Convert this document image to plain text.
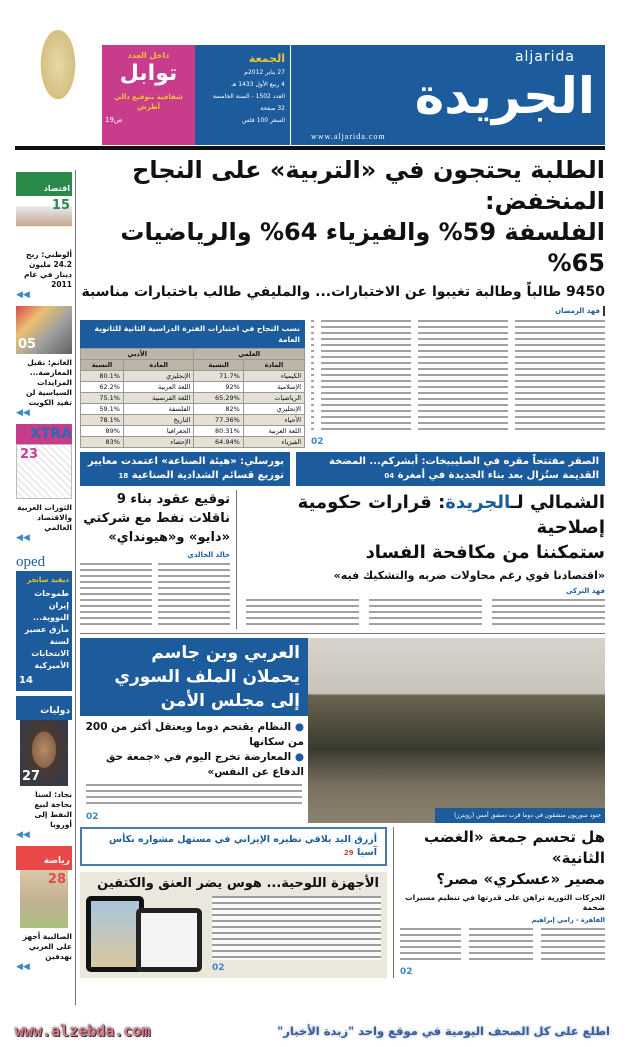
داخل العدد
توابل
شفافية بتوقيع دالي أطرش
ص19
الجمعة
27 يناير 2012م
4 ربيع الأول 1433 هـ
العدد 1502 - السنة الخامسة
32 صفحة
السعر 100 فلس
aljarida
الجريدة
www.aljarida.com
اقتصاد
15
ألوطني: ربح 24.2 مليون دينار في عام 2011
◀◀
05
الغانم: نقبل المعارضة... المزايدات السياسية لن تفيد الكويت
◀◀
XTRA
23
الثورات العربية والاقتصاد العالمي
◀◀
oped
ديفيد سانجر
طموحات إيران النووية... مأزق عسير لسنة الانتخابات الأميركية
14
دوليات
27
نجاد: لسنا بحاجة لبيع النفط إلى أوروبا
◀◀
رياضة
28
الصالبية أجهز على العربي بهدفين
◀◀
الطلبة يحتجون في «التربية» على النجاح المنخفض:
الفلسفة 59% والفيزياء 64% والرياضيات 65%
9450 طالباً وطالبة تغيبوا عن الاختبارات... والمليفي طالب باختبارات مناسبة
فهد الرمضان
02
نسب النجاح في اختبارات الفترة الدراسية الثانية للثانوية العامة
العلمي		الأدبي	
المادة	النسبة	المادة	النسبة
الكيمياء	71.7%	الإنجليزي	80.1%
الإسلامية	92%	اللغة العربية	62.2%
الرياضيات	65.29%	اللغة الفرنسية	75.1%
الإنجليزي	82%	الفلسفة	59.1%
الأحياء	77.36%	التاريخ	78.1%
اللغة العربية	80.31%	الجغرافيا	89%
الفيزياء	64.94%	الإحصاء	83%
الصقر مفتتحاً مقره في الصليبيخات: أبشركم... المضخة القديمة ستُزال بعد بناء الجديدة في أمغرة 04
بورسلي: «هيئة الصناعة» اعتمدت معايير توزيع قسائم الشدادية الصناعية 18
الشمالي لـالجريدة: قرارات حكومية إصلاحية
ستمكننا من مكافحة الفساد
«اقتصادنا قوي رغم محاولات ضربه والتشكيك فيه»
فهد التركي
توقيع عقود بناء 9 ناقلات نفط مع شركتي «دايو» و«هيونداي»
خالد الخالدي
جنود سوريون منشقون في دوما قرب دمشق أمس (رويترز)
العربي وبن جاسم يحملان الملف السوري إلى مجلس الأمن
● النظام يقتحم دوما ويعتقل أكثر من 200 من سكانها
● المعارضة تخرج اليوم في «جمعة حق الدفاع عن النفس»
02
هل تحسم جمعة «الغضب الثانية»
مصير «عسكري» مصر؟
الحركات الثورية تراهن على قدرتها في تنظيم مسيرات ضخمة
القاهرة - رامي إبراهيم
02
أزرق اليد يلاقي نظيره الإيراني في مستهل مشواره بكأس آسيا 29
الأجهزة اللوحية... هوس يضر العنق والكتفين
02
www.alzebda.com	اطلع على كل الصحف اليومية في موقع واحد "زبدة الأخبار"
